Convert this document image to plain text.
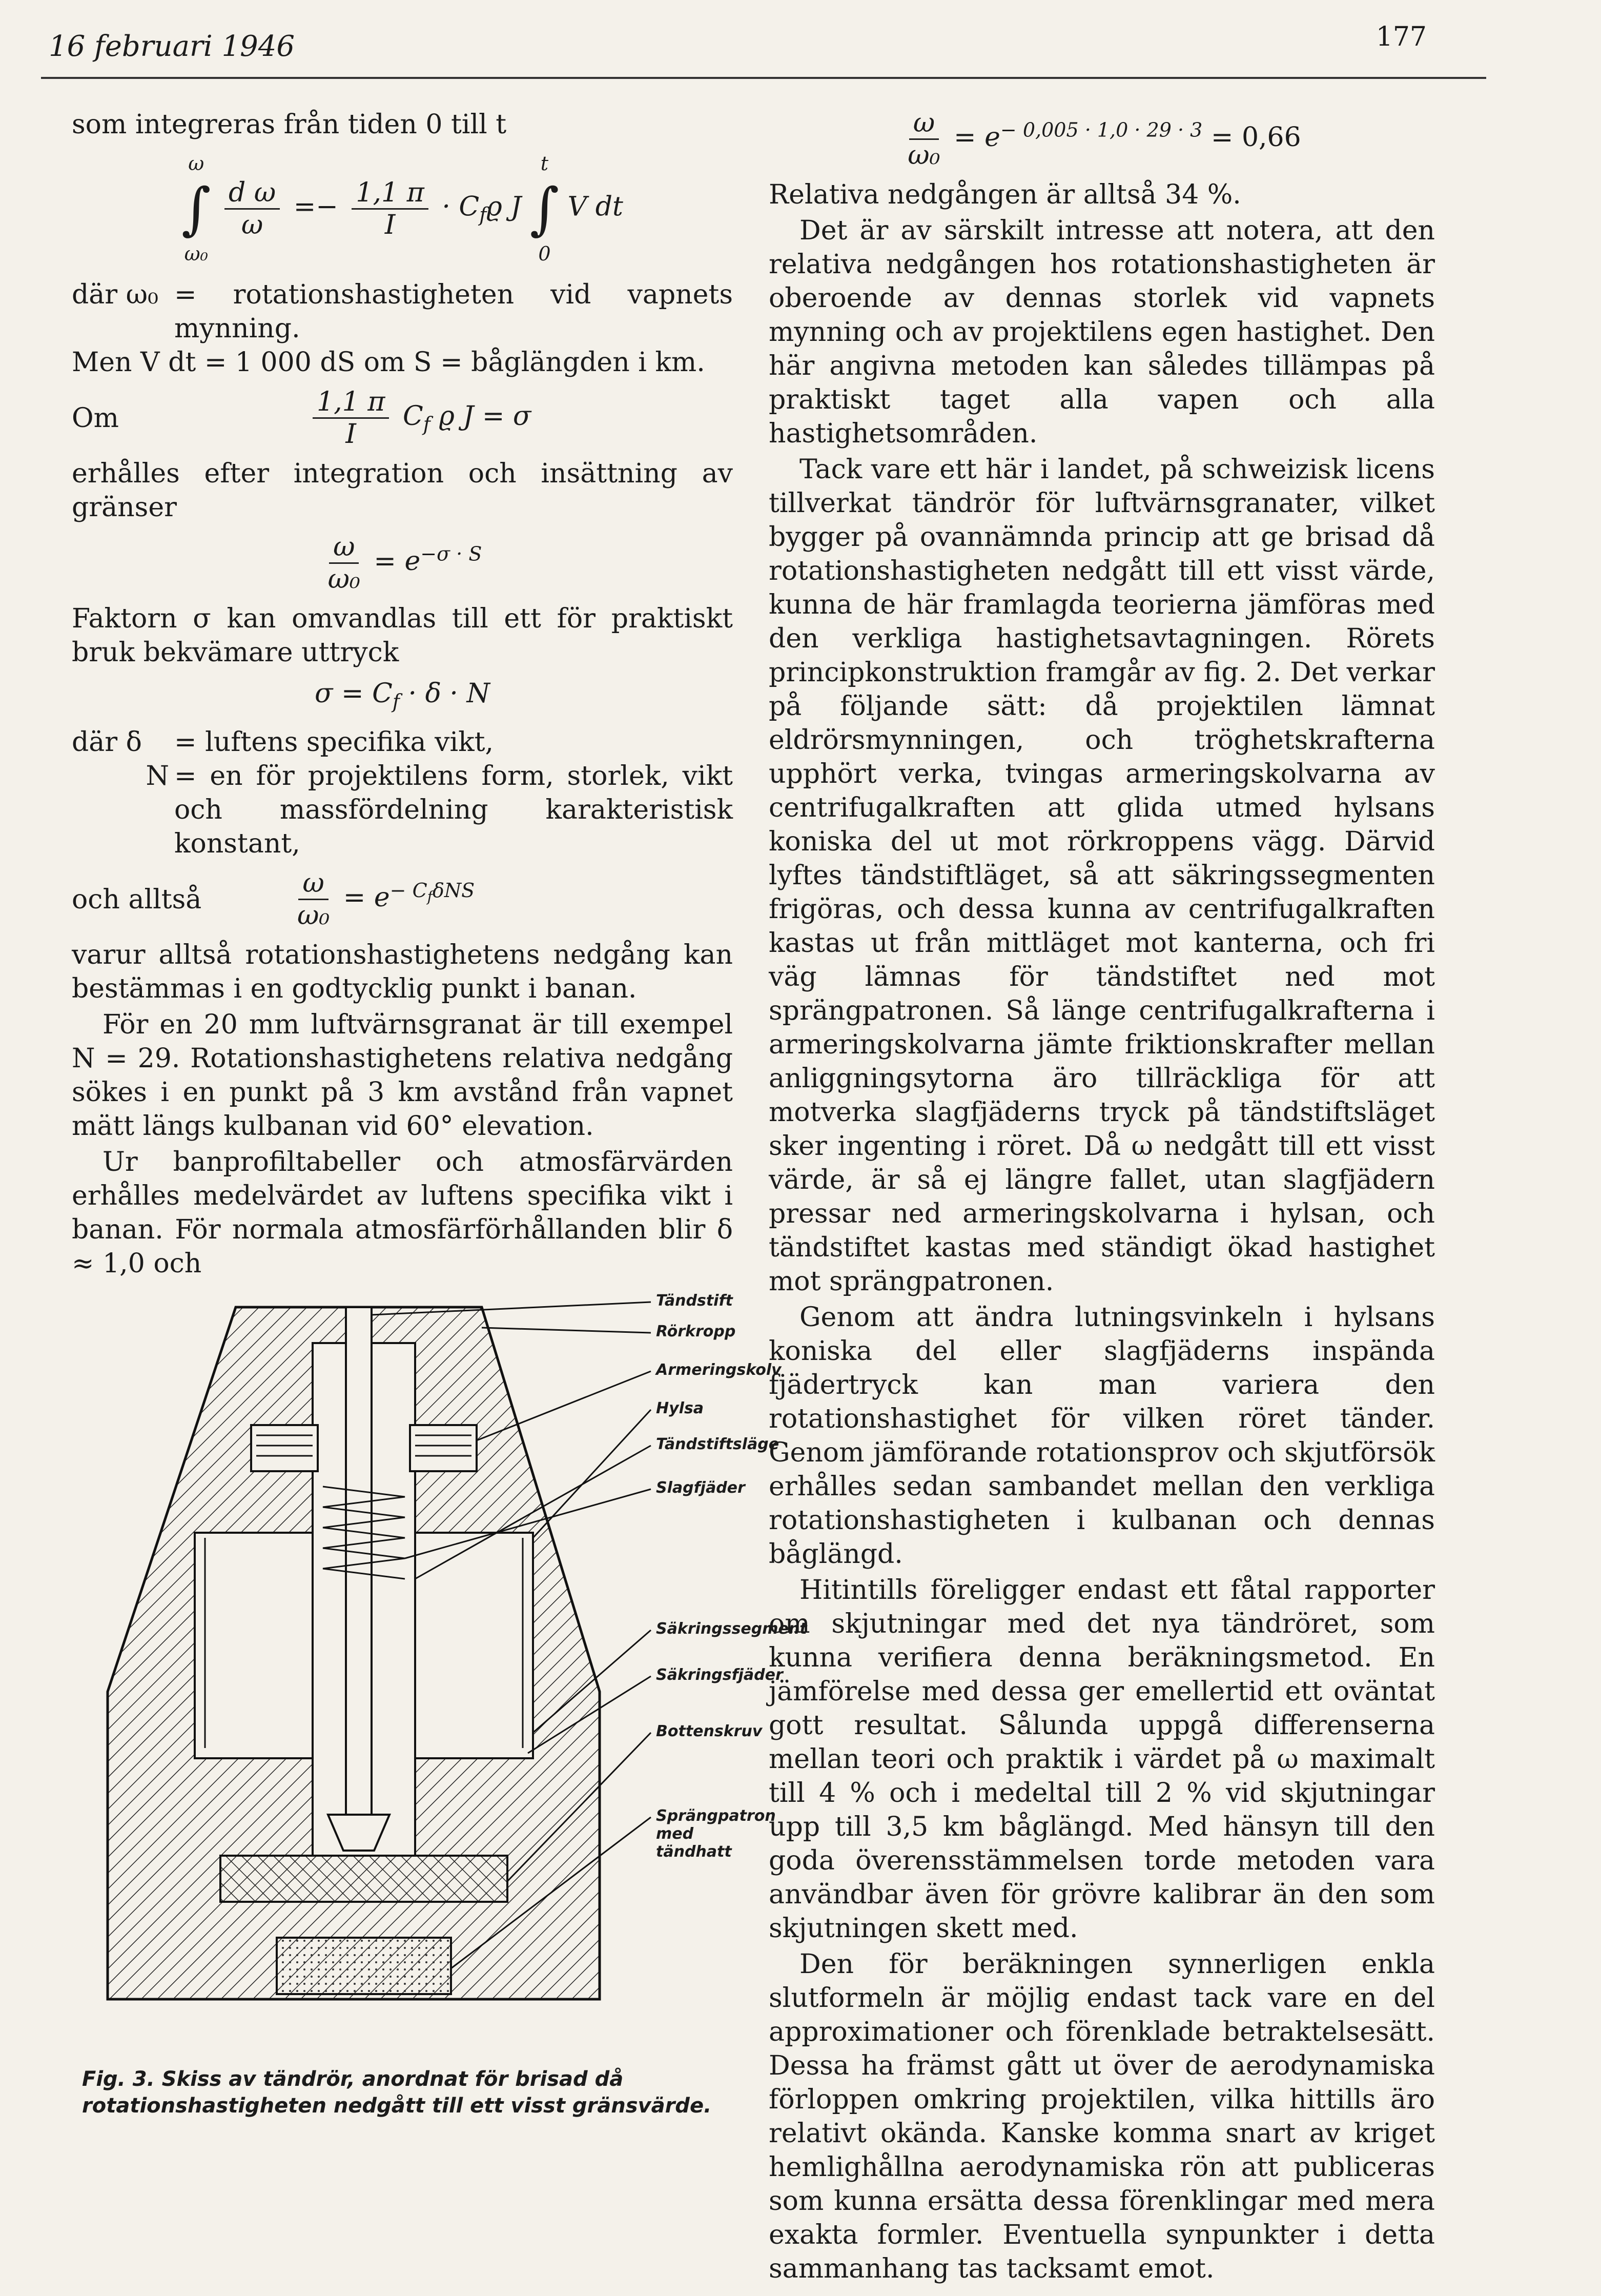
16 februari 1946	177

som integreras från tiden 0 till t

ω
∫
ω₀

$\frac{\text{d ω}}{\omega} =- \frac{1,1 \pi}{I} \cdot C_fϱ$ J
t
∫
0
V dt
där ω₀ = rotationshastigheten vid vapnets mynning.

Men V dt = 1 000 dS om S = båglängden i km.

Om	$\frac{1,1 \pi}{I} C_f$ ϱ J = σ

erhålles efter integration och insättning av gränser

$\frac{\omega}{\text{ω₀}} = e^{-\sigma \cdot S}$

Faktorn σ kan omvandlas till ett för praktiskt bruk bekvämare uttryck

$\sigma = C_f \cdot \delta \cdot N$
där δ	= luftens specifika vikt,
N = en för projektilens form, storlek, vikt och massfördelning karakteristisk konstant,
och alltså	$\frac{\omega}{\text{ω₀}} = e^{- C_f\delta NS}$

varur alltså rotationshastighetens nedgång kan bestämmas i en godtycklig punkt i banan.

För en 20 mm luftvärnsgranat är till exempel N = 29. Rotationshastighetens relativa nedgång sökes i en punkt på 3 km avstånd från vapnet mätt längs kulbanan vid 60° elevation.

Ur banprofiltabeller och atmosfärvärden erhålles medelvärdet av luftens specifika vikt i banan. För normala atmosfärförhållanden blir δ ≈ 1,0 och

Tändstift
Rörkropp
Armeringskolv
Hylsa
Tändstiftsläge
Slagfjäder
Säkringssegment
Säkringsfjäder
Bottenskruv
Sprängpatron med tändhatt
Fig. 3. Skiss av tändrör, anordnat för brisad då rotationshastigheten nedgått till ett visst gränsvärde.
$\frac{\omega}{\text{ω₀}} = e^{- 0,005 \cdot 1,0 \cdot 29 \cdot 3} = 0,66$

Relativa nedgången är alltså 34 %.

Det är av särskilt intresse att notera, att den relativa nedgången hos rotationshastigheten är oberoende av dennas storlek vid vapnets mynning och av projektilens egen hastighet. Den här angivna metoden kan således tillämpas på praktiskt taget alla vapen och alla hastighetsområden.

Tack vare ett här i landet, på schweizisk licens tillverkat tändrör för luftvärnsgranater, vilket bygger på ovannämnda princip att ge brisad då rotationshastigheten nedgått till ett visst värde, kunna de här framlagda teorierna jämföras med den verkliga hastighetsavtagningen. Rörets principkonstruktion framgår av fig. 2. Det verkar på följande sätt: då projektilen lämnat eldrörsmynningen, och tröghetskrafterna upphört verka, tvingas armeringskolvarna av centrifugalkraften att glida utmed hylsans koniska del ut mot rörkroppens vägg. Därvid lyftes tändstiftläget, så att säkringssegmenten frigöras, och dessa kunna av centrifugalkraften kastas ut från mittläget mot kanterna, och fri väg lämnas för tändstiftet ned mot sprängpatronen. Så länge centrifugalkrafterna i armeringskolvarna jämte friktionskrafter mellan anliggningsytorna äro tillräckliga för att motverka slagfjäderns tryck på tändstiftsläget sker ingenting i röret. Då ω nedgått till ett visst värde, är så ej längre fallet, utan slagfjädern pressar ned armeringskolvarna i hylsan, och tändstiftet kastas med ständigt ökad hastighet mot sprängpatronen.

Genom att ändra lutningsvinkeln i hylsans koniska del eller slagfjäderns inspända fjädertryck kan man variera den rotationshastighet för vilken röret tänder. Genom jämförande rotationsprov och skjutförsök erhålles sedan sambandet mellan den verkliga rotationshastigheten i kulbanan och dennas båglängd.

Hitintills föreligger endast ett fåtal rapporter om skjutningar med det nya tändröret, som kunna verifiera denna beräkningsmetod. En jämförelse med dessa ger emellertid ett oväntat gott resultat. Sålunda uppgå differenserna mellan teori och praktik i värdet på ω maximalt till 4 % och i medeltal till 2 % vid skjutningar upp till 3,5 km båglängd. Med hänsyn till den goda överensstämmelsen torde metoden vara användbar även för grövre kalibrar än den som skjutningen skett med.

Den för beräkningen synnerligen enkla slutformeln är möjlig endast tack vare en del approximationer och förenklade betraktelsesätt. Dessa ha främst gått ut över de aerodynamiska förloppen omkring projektilen, vilka hittills äro relativt okända. Kanske komma snart av kriget hemlighållna aerodynamiska rön att publiceras som kunna ersätta dessa förenklingar med mera exakta formler. Eventuella synpunkter i detta sammanhang tas tacksamt emot.
